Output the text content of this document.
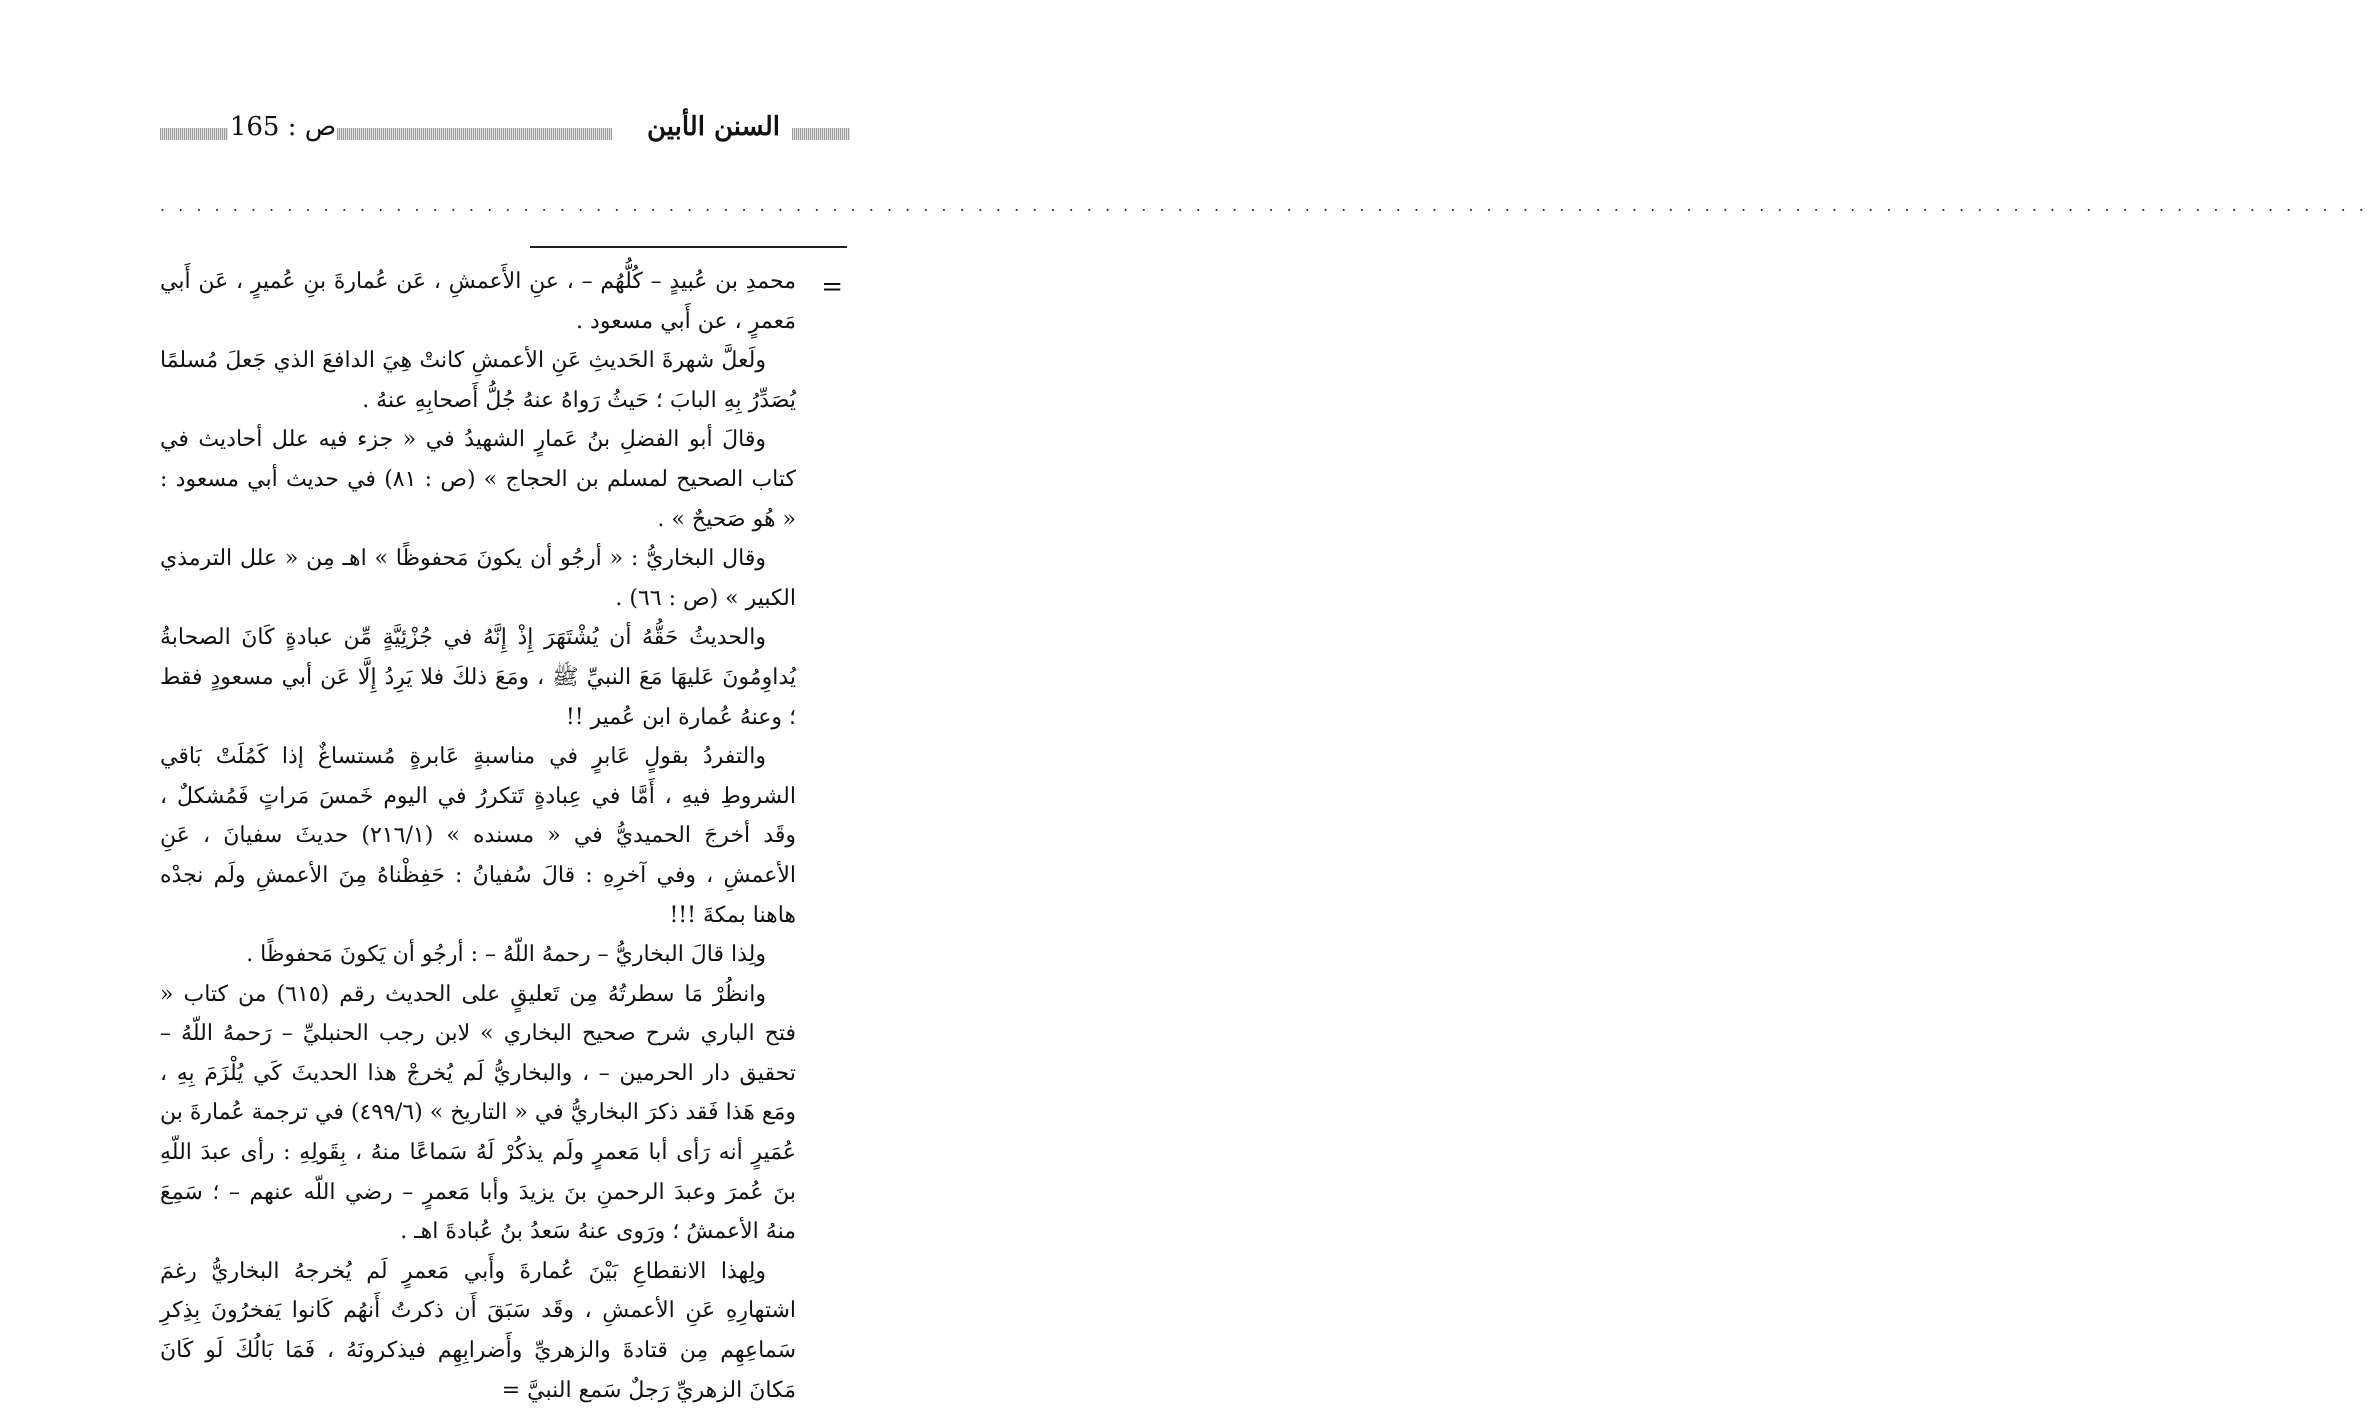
السنن الأبين
ص : 165
. . . . . . . . . . . . . . . . . . . . . . . . . . . . . . . . . . . . . . . . . . . . . . . . . . . . . . . . . . . . . . . . . . . . . . . . . . . . . . . . . . . . . . . . . . . . . . . . . . . . . . . . . . . . . . . . . . . . . . . . . .
=

محمدِ بن عُبيدٍ – كُلُّهُم – ، عنِ الأَعمشِ ، عَن عُمارةَ بنِ عُميرٍ ، عَن أَبي مَعمرٍ ، عن أَبي مسعود .

ولَعلَّ شهرةَ الحَديثِ عَنِ الأعمشِ كانتْ هِيَ الدافعَ الذي جَعلَ مُسلمًا يُصَدِّرُ بِهِ البابَ ؛ حَيثُ رَواهُ عنهُ جُلُّ أَصحابِهِ عنهُ .

وقالَ أبو الفضلِ بنُ عَمارٍ الشهيدُ في « جزء فيه علل أحاديث في كتاب الصحيح لمسلم بن الحجاج » (ص : ٨١) في حديث أبي مسعود : « هُو صَحيحٌ » .

وقال البخاريُّ : « أرجُو أن يكونَ مَحفوظًا » اهـ مِن « علل الترمذي الكبير » (ص : ٦٦) .

والحديثُ حَقُّهُ أن يُشْتَهَرَ إِذْ إِنَّهُ في جُزْئِيَّةٍ مِّن عبادةٍ كَانَ الصحابةُ يُداوِمُونَ عَليهَا مَعَ النبيِّ ﷺ ، ومَعَ ذلكَ فلا يَرِدُ إِلَّا عَن أبي مسعودٍ فقط ؛ وعنهُ عُمارة ابن عُمير !!

والتفردُ بقولٍ عَابرٍ في مناسبةٍ عَابرةٍ مُستساغٌ إذا كَمُلَتْ بَاقي الشروطِ فيهِ ، أَمَّا في عِبادةٍ تَتكررُ في اليوم خَمسَ مَراتٍ فَمُشكلٌ ، وقَد أخرجَ الحميديُّ في « مسنده » (٢١٦/١) حديثَ سفيانَ ، عَنِ الأعمشِ ، وفي آخرِهِ : قالَ سُفيانُ : حَفِظْناهُ مِنَ الأعمشِ ولَم نجدْه هاهنا بمكةَ !!!

ولِذا قالَ البخاريُّ – رحمهُ اللّهُ – : أرجُو أن يَكونَ مَحفوظًا .

وانظُرْ مَا سطرتُهُ مِن تَعليقٍ على الحديث رقم (٦١٥) من كتاب « فتح الباري شرح صحيح البخاري » لابن رجب الحنبليِّ – رَحمهُ اللّهُ – تحقيق دار الحرمين – ، والبخاريُّ لَم يُخرجْ هذا الحديثَ كَي يُلْزَمَ بِهِ ، ومَع هَذا فَقد ذكرَ البخاريُّ في « التاريخ » (٤٩٩/٦) في ترجمة عُمارةَ بن عُمَيرٍ أنه رَأى أبا مَعمرٍ ولَم يذكُرْ لَهُ سَماعًا منهُ ، بِقَولِهِ : رأى عبدَ اللّهِ بنَ عُمرَ وعبدَ الرحمنِ بنَ يزيدَ وأبا مَعمرٍ – رضي اللّه عنهم – ؛ سَمِعَ منهُ الأعمشُ ؛ ورَوى عنهُ سَعدُ بنُ عُبادةَ اهـ .

ولِهذا الانقطاعِ بَيْنَ عُمارةَ وأَبي مَعمرٍ لَم يُخرجهُ البخاريُّ رغمَ اشتهارِهِ عَنِ الأعمشِ ، وقَد سَبَقَ أَن ذكرتُ أَنهُم كَانوا يَفخرُونَ بِذِكرِ سَماعِهِم مِن قتادةَ والزهريِّ وأَضرابِهِم فيذكرونَهُ ، فَمَا بَالُكَ لَو كَانَ مَكانَ الزهريِّ رَجلٌ سَمع النبيَّ =
